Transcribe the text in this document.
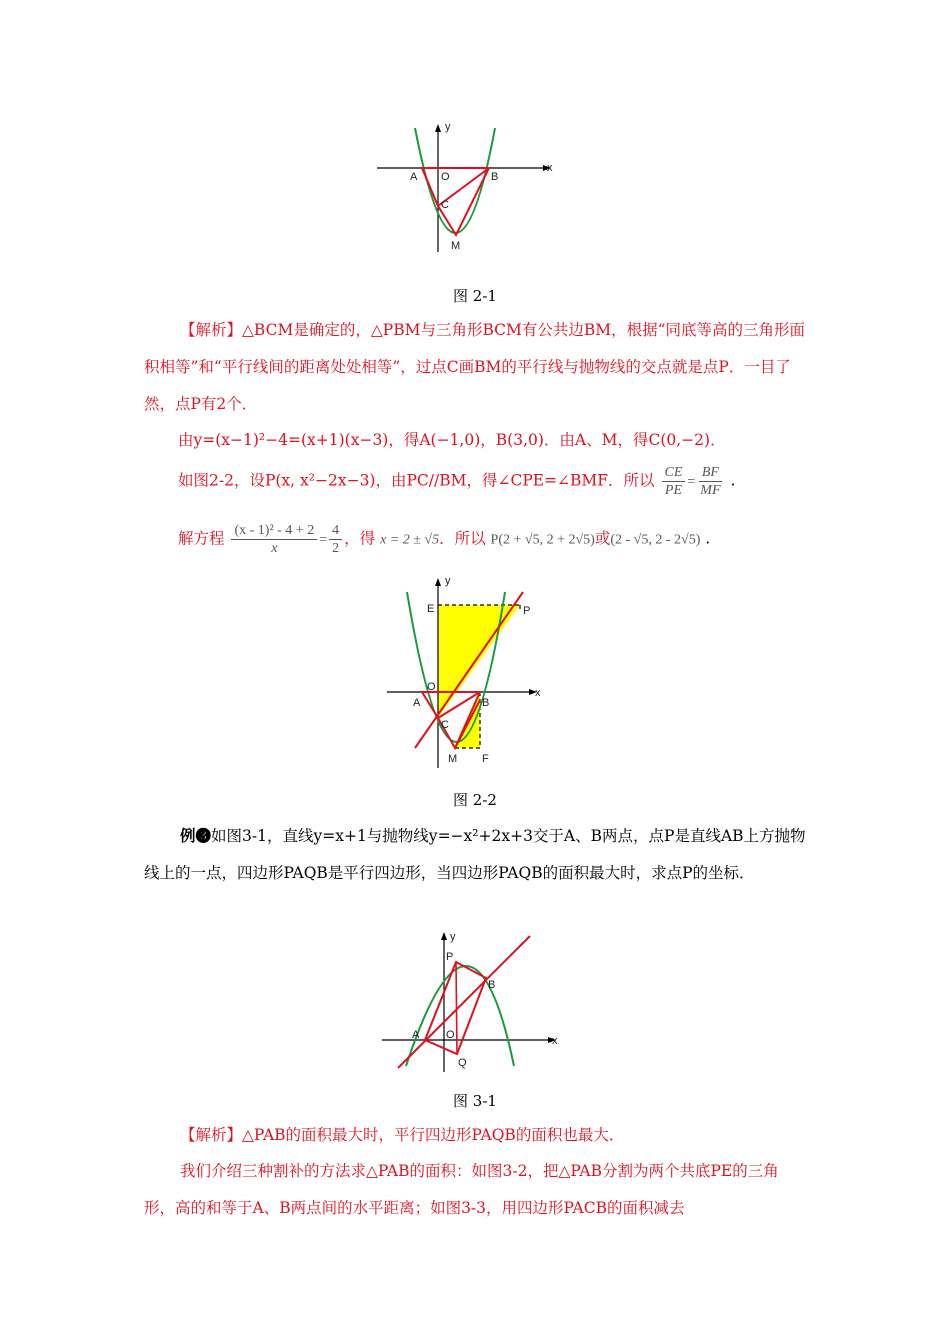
y
x
O
A	B
C
M
图 2-1

【解析】△BCM是确定的，△PBM与三角形BCM有公共边BM，根据“同底等高的三角形面积相等”和“平行线间的距离处处相等”，过点C画BM的平行线与抛物线的交点就是点P．一目了然，点P有2个．

由y=(x−1)²−4=(x+1)(x−3)，得A(−1,0)，B(3,0)．由A、M，得C(0,−2)．
如图2-2，设P(x, x²−2x−3)，由PC//BM，得∠CPE=∠BMF．所以 $\frac{CE}{PE} = \frac{BF}{MF}$ .
解方程 $\frac{\text{(x - 1)² - 4 + 2}}{x} = \frac{4}{2}$ ，得 x = 2 ± √5．所以 P(2 + √5, 2 + 2√5)或(2 - √5, 2 - 2√5) .
y
x
E	P
O
A	B
C
M F
图 2-2

例❸如图3-1，直线y=x+1与抛物线y=−x²+2x+3交于A、B两点，点P是直线AB上方抛物线上的一点，四边形PAQB是平行四边形，当四边形PAQB的面积最大时，求点P的坐标．

y
x
P
B
A O
Q
图 3-1

【解析】△PAB的面积最大时，平行四边形PAQB的面积也最大．

我们介绍三种割补的方法求△PAB的面积：如图3-2，把△PAB分割为两个共底PE的三角形，高的和等于A、B两点间的水平距离；如图3-3，用四边形PACB的面积减去
